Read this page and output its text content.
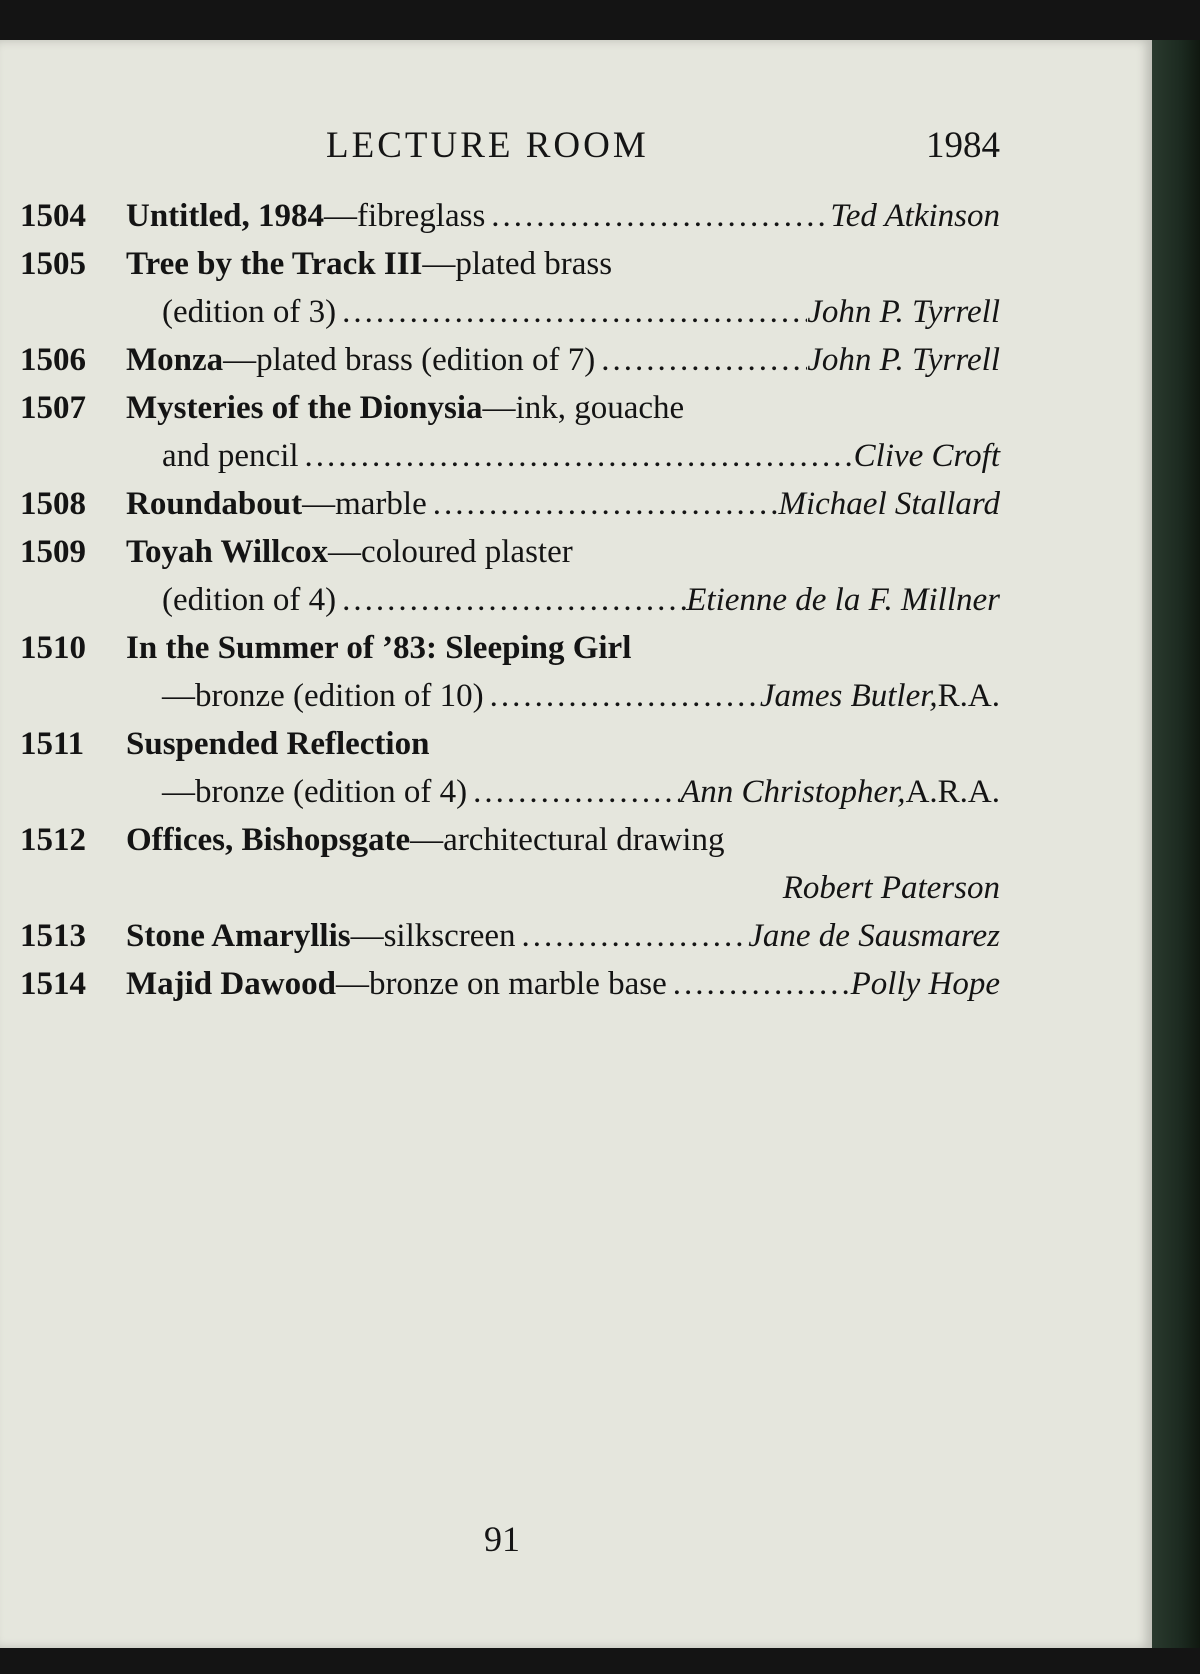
LECTURE ROOM	1984
1504	Untitled, 1984 —fibreglass .....	Ted Atkinson
1505	Tree by the Track III —plated brass
(edition of 3) .....	John P. Tyrrell
1506	Monza —plated brass (edition of 7) .....	John P. Tyrrell
1507	Mysteries of the Dionysia —ink, gouache
and pencil .....	Clive Croft
1508	Roundabout —marble .....	Michael Stallard
1509	Toyah Willcox —coloured plaster
(edition of 4) .....	Etienne de la F. Millner
1510	In the Summer of ’83: Sleeping Girl
—bronze (edition of 10) .....	James Butler, R.A.
1511	Suspended Reflection
—bronze (edition of 4) .....	Ann Christopher, A.R.A.
1512	Offices, Bishopsgate —architectural drawing
Robert Paterson
1513	Stone Amaryllis —silkscreen .....	Jane de Sausmarez
1514	Majid Dawood —bronze on marble base .....	Polly Hope
91
